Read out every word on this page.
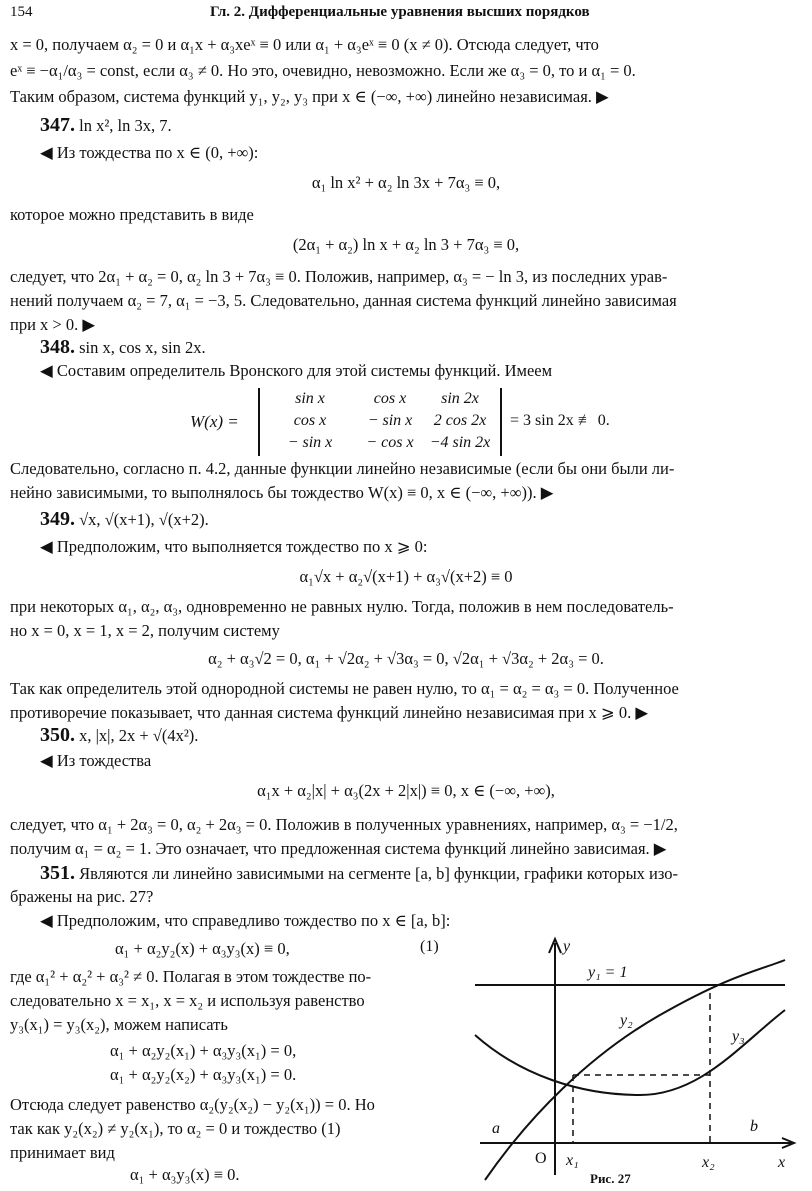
154	Гл. 2. Дифференциальные уравнения высших порядков
x = 0, получаем α₂ = 0 и α₁x + α₃xeˣ ≡ 0 или α₁ + α₃eˣ ≡ 0 (x ≠ 0). Отсюда следует, что
eˣ ≡ −α₁/α₃ = const, если α₃ ≠ 0. Но это, очевидно, невозможно. Если же α₃ = 0, то и α₁ = 0.
Таким образом, система функций y₁, y₂, y₃ при x ∈ (−∞, +∞) линейно независимая. ▶
347. ln x², ln 3x, 7.
◀ Из тождества по x ∈ (0, +∞):
α₁ ln x² + α₂ ln 3x + 7α₃ ≡ 0,
которое можно представить в виде
(2α₁ + α₂) ln x + α₂ ln 3 + 7α₃ ≡ 0,
следует, что 2α₁ + α₂ = 0, α₂ ln 3 + 7α₃ ≡ 0. Положив, например, α₃ = − ln 3, из последних урав-
нений получаем α₂ = 7, α₁ = −3, 5. Следовательно, данная система функций линейно зависимая
при x > 0. ▶
348. sin x, cos x, sin 2x.
◀ Составим определитель Вронского для этой системы функций. Имеем
W(x) =
sin x	cos x	sin 2x
cos x	− sin x	2 cos 2x
− sin x	− cos x	−4 sin 2x
= 3 sin 2x ≢ 0.
Следовательно, согласно п. 4.2, данные функции линейно независимые (если бы они были ли-
нейно зависимыми, то выполнялось бы тождество W(x) ≡ 0, x ∈ (−∞, +∞)). ▶
349. √x, √(x+1), √(x+2).
◀ Предположим, что выполняется тождество по x ⩾ 0:
α₁√x + α₂√(x+1) + α₃√(x+2) ≡ 0
при некоторых α₁, α₂, α₃, одновременно не равных нулю. Тогда, положив в нем последователь-
но x = 0, x = 1, x = 2, получим систему
α₂ + α₃√2 = 0, α₁ + √2α₂ + √3α₃ = 0, √2α₁ + √3α₂ + 2α₃ = 0.
Так как определитель этой однородной системы не равен нулю, то α₁ = α₂ = α₃ = 0. Полученное
противоречие показывает, что данная система функций линейно независимая при x ⩾ 0. ▶
350. x, |x|, 2x + √(4x²).
◀ Из тождества
α₁x + α₂|x| + α₃(2x + 2|x|) ≡ 0, x ∈ (−∞, +∞),
следует, что α₁ + 2α₃ = 0, α₂ + 2α₃ = 0. Положив в полученных уравнениях, например, α₃ = −1/2,
получим α₁ = α₂ = 1. Это означает, что предложенная система функций линейно зависимая. ▶
351. Являются ли линейно зависимыми на сегменте [a, b] функции, графики которых изо-
бражены на рис. 27?
◀ Предположим, что справедливо тождество по x ∈ [a, b]:
α₁ + α₂y₂(x) + α₃y₃(x) ≡ 0,	(1)
где α₁² + α₂² + α₃² ≠ 0. Полагая в этом тождестве по-
следовательно x = x₁, x = x₂ и используя равенство
y₃(x₁) = y₃(x₂), можем написать
α₁ + α₂y₂(x₁) + α₃y₃(x₁) = 0,
α₁ + α₂y₂(x₂) + α₃y₃(x₁) = 0.
Отсюда следует равенство α₂(y₂(x₂) − y₂(x₁)) = 0. Но
так как y₂(x₂) ≠ y₂(x₁), то α₂ = 0 и тождество (1)
принимает вид
α₁ + α₃y₃(x) ≡ 0.
y
x
O
y₁ = 1
y₂
y₃
a	b
x₁	x₂
Рис. 27
